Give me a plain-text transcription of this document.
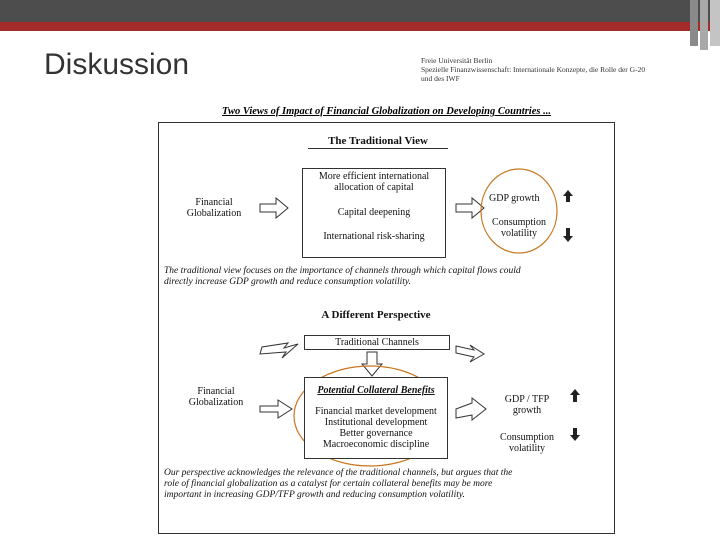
Diskussion	Freie Universität Berlin
Spezielle Finanzwissenschaft: Internationale Konzepte, die Rolle der G-20
und des IWF
Two Views of Impact of Financial Globalization on Developing Countries ...
The Traditional View
Financial
Globalization
More efficient international
allocation of capital
Capital deepening
International risk-sharing
GDP growth
Consumption
volatility
The traditional view focuses on the importance of channels through which capital flows could
directly increase GDP growth and reduce consumption volatility.
A Different Perspective
Traditional Channels
Financial
Globalization
Potential Collateral Benefits
Financial market development
Institutional development
Better governance
Macroeconomic discipline
GDP / TFP
growth
Consumption
volatility
Our perspective acknowledges the relevance of the traditional channels, but argues that the
role of financial globalization as a catalyst for certain collateral benefits may be more
important in increasing GDP/TFP growth and reducing consumption volatility.
